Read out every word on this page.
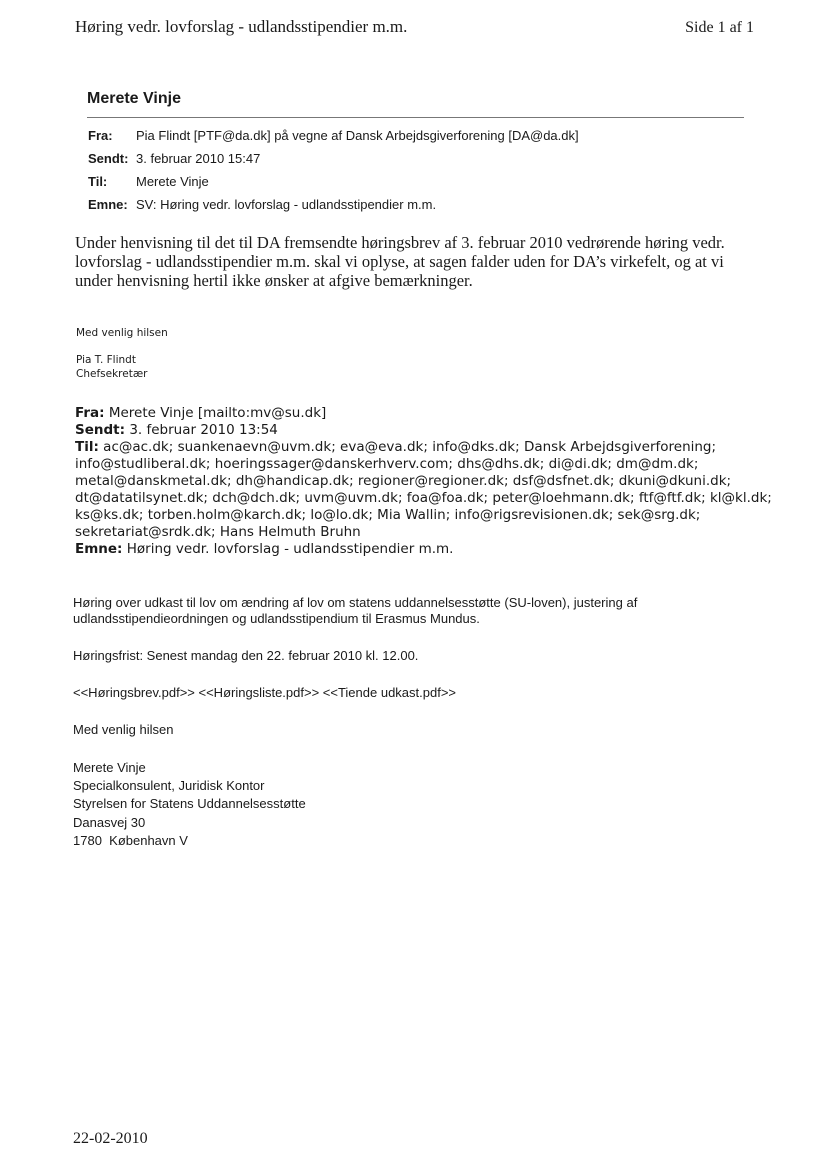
Høring vedr. lovforslag - udlandsstipendier m.m.	Side 1 af 1
Merete Vinje
Fra: Pia Flindt [PTF@da.dk] på vegne af Dansk Arbejdsgiverforening [DA@da.dk]
Sendt: 3. februar 2010 15:47
Til: Merete Vinje
Emne: SV: Høring vedr. lovforslag - udlandsstipendier m.m.
Under henvisning til det til DA fremsendte høringsbrev af 3. februar 2010 vedrørende høring vedr.
lovforslag - udlandsstipendier m.m. skal vi oplyse, at sagen falder uden for DA’s virkefelt, og at vi
under henvisning hertil ikke ønsker at afgive bemærkninger.
Med venlig hilsen
Pia T. Flindt
Chefsekretær
Fra: Merete Vinje [mailto:mv@su.dk]
Sendt: 3. februar 2010 13:54
Til: ac@ac.dk; suankenaevn@uvm.dk; eva@eva.dk; info@dks.dk; Dansk Arbejdsgiverforening;
info@studliberal.dk; hoeringssager@danskerhverv.com; dhs@dhs.dk; di@di.dk; dm@dm.dk;
metal@danskmetal.dk; dh@handicap.dk; regioner@regioner.dk; dsf@dsfnet.dk; dkuni@dkuni.dk;
dt@datatilsynet.dk; dch@dch.dk; uvm@uvm.dk; foa@foa.dk; peter@loehmann.dk; ftf@ftf.dk; kl@kl.dk;
ks@ks.dk; torben.holm@karch.dk; lo@lo.dk; Mia Wallin; info@rigsrevisionen.dk; sek@srg.dk;
sekretariat@srdk.dk; Hans Helmuth Bruhn
Emne: Høring vedr. lovforslag - udlandsstipendier m.m.
Høring over udkast til lov om ændring af lov om statens uddannelsesstøtte (SU-loven), justering af
udlandsstipendieordningen og udlandsstipendium til Erasmus Mundus.
Høringsfrist: Senest mandag den 22. februar 2010 kl. 12.00.
<<Høringsbrev.pdf>> <<Høringsliste.pdf>> <<Tiende udkast.pdf>>
Med venlig hilsen
Merete Vinje
Specialkonsulent, Juridisk Kontor
Styrelsen for Statens Uddannelsesstøtte
Danasvej 30
1780  København V
22-02-2010
